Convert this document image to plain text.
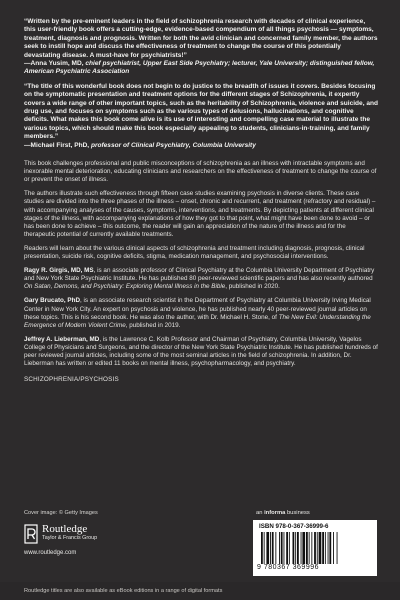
“Written by the pre-eminent leaders in the field of schizophrenia research with decades of clinical experience, this user-friendly book offers a cutting-edge, evidence-based compendium of all things psychosis — symptoms, treatment, diagnosis and prognosis. Written for both the avid clinician and concerned family member, the authors seek to instill hope and discuss the effectiveness of treatment to change the course of this potentially devastating disease. A must-have for psychiatrists!”
—Anna Yusim, MD, chief psychiatrist, Upper East Side Psychiatry; lecturer, Yale University; distinguished fellow, American Psychiatric Association
“The title of this wonderful book does not begin to do justice to the breadth of issues it covers. Besides focusing on the symptomatic presentation and treatment options for the different stages of Schizophrenia, it expertly covers a wide range of other important topics, such as the heritability of Schizophrenia, violence and suicide, and drug use, and focuses on symptoms such as the various types of delusions, hallucinations, and cognitive deficits. What makes this book come alive is its use of interesting and compelling case material to illustrate the various topics, which should make this book especially appealing to students, clinicians-in-training, and family members.”
—Michael First, PhD, professor of Clinical Psychiatry, Columbia University

This book challenges professional and public misconceptions of schizophrenia as an illness with intractable symptoms and inexorable mental deterioration, educating clinicians and researchers on the effectiveness of treatment to change the course of or prevent the onset of illness.

The authors illustrate such effectiveness through fifteen case studies examining psychosis in diverse clients. These case studies are divided into the three phases of the illness – onset, chronic and recurrent, and treatment (refractory and residual) – with accompanying analyses of the causes, symptoms, interventions, and treatments. By depicting patients at different clinical stages of the illness, with accompanying explanations of how they got to that point, what might have been done to avoid – or has been done to achieve – this outcome, the reader will gain an appreciation of the nature of the illness and for the therapeutic potential of currently available treatments.

Readers will learn about the various clinical aspects of schizophrenia and treatment including diagnosis, prognosis, clinical presentation, suicide risk, cognitive deficits, stigma, medication management, and psychosocial interventions.

Ragy R. Girgis, MD, MS, is an associate professor of Clinical Psychiatry at the Columbia University Department of Psychiatry and New York State Psychiatric Institute. He has published 80 peer-reviewed scientific papers and has also recently authored On Satan, Demons, and Psychiatry: Exploring Mental Illness in the Bible, published in 2020.

Gary Brucato, PhD, is an associate research scientist in the Department of Psychiatry at Columbia University Irving Medical Center in New York City. An expert on psychosis and violence, he has published nearly 40 peer-reviewed journal articles on these topics. This is his second book. He was also the author, with Dr. Michael H. Stone, of The New Evil: Understanding the Emergence of Modern Violent Crime, published in 2019.

Jeffrey A. Lieberman, MD, is the Lawrence C. Kolb Professor and Chairman of Psychiatry, Columbia University, Vagelos College of Physicians and Surgeons, and the director of the New York State Psychiatric Institute. He has published hundreds of peer reviewed journal articles, including some of the most seminal articles in the field of schizophrenia. In addition, Dr. Lieberman has written or edited 11 books on mental illness, psychopharmacology, and psychiatry.

SCHIZOPHRENIA/PSYCHOSIS
Cover image: © Getty Images	an informa business
Routledge
Taylor & Francis Group
www.routledge.com
ISBN 978-0-367-36999-6
9 780367 369996
Routledge titles are also available as eBook editions in a range of digital formats
